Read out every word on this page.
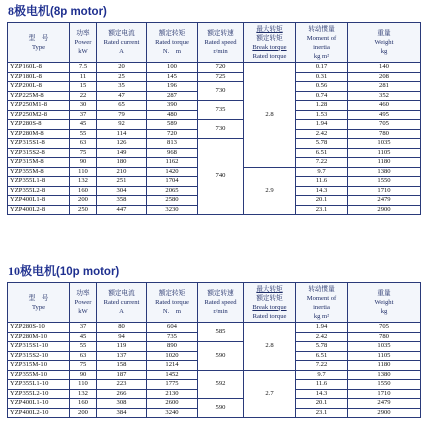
8极电机(8p motor)
型　号
Type	功率
Power
kW	额定电流
Rated current
A	额定转矩
Rated torque
N.　m	额定转速
Rated speed
r/min	最大转矩
额定转矩
Break torque
Rated torque	转动惯量
Moment of
inertia
kg m²	重量
Weight
kg

YZP160L-8	7.5	20	100	720	2.8	0.17	140
YZP180L-8	11	25	145	725		0.31	208
YZP200L-8	15	35	196	730		0.56	281
YZP225M-8	22	47	287			0.74	352
YZP250M1-8	30	65	390	735		1.28	460
YZP250M2-8	37	79	480			1.53	495
YZP280S-8	45	92	589	730		1.94	705
YZP280M-8	55	114	720			2.42	780
YZP315S1-8	63	126	813	740		5.78	1035
YZP315S2-8	75	149	968			6.51	1105
YZP315M-8	90	180	1162			7.22	1180
YZP355M-8	110	210	1420		2.9	9.7	1380
YZP355L1-8	132	251	1704			11.6	1550
YZP355L2-8	160	304	2065			14.3	1710
YZP400L1-8	200	358	2580			20.1	2479
YZP400L2-8	250	447	3230			23.1	2900
10极电机(10p motor)
型　号
Type	功率
Power
kW	额定电流
Rated current
A	额定转矩
Rated torque
N.　m	额定转速
Rated speed
r/min	最大转矩
额定转矩
Break torque
Rated torque	转动惯量
Moment of
inertia
kg m²	重量
Weight
kg

YZP280S-10	37	80	604	585	2.8	1.94	705
YZP280M-10	45	94	735			2.42	780
YZP315S1-10	55	119	890	590		5.78	1035
YZP315S2-10	63	137	1020			6.51	1105
YZP315M-10	75	158	1214			7.22	1180
YZP355M-10	90	187	1452	592	2.7	9.7	1380
YZP355L1-10	110	223	1775			11.6	1550
YZP355L2-10	132	266	2130			14.3	1710
YZP400L1-10	160	308	2600	590		20.1	2479
YZP400L2-10	200	384	3240			23.1	2900
